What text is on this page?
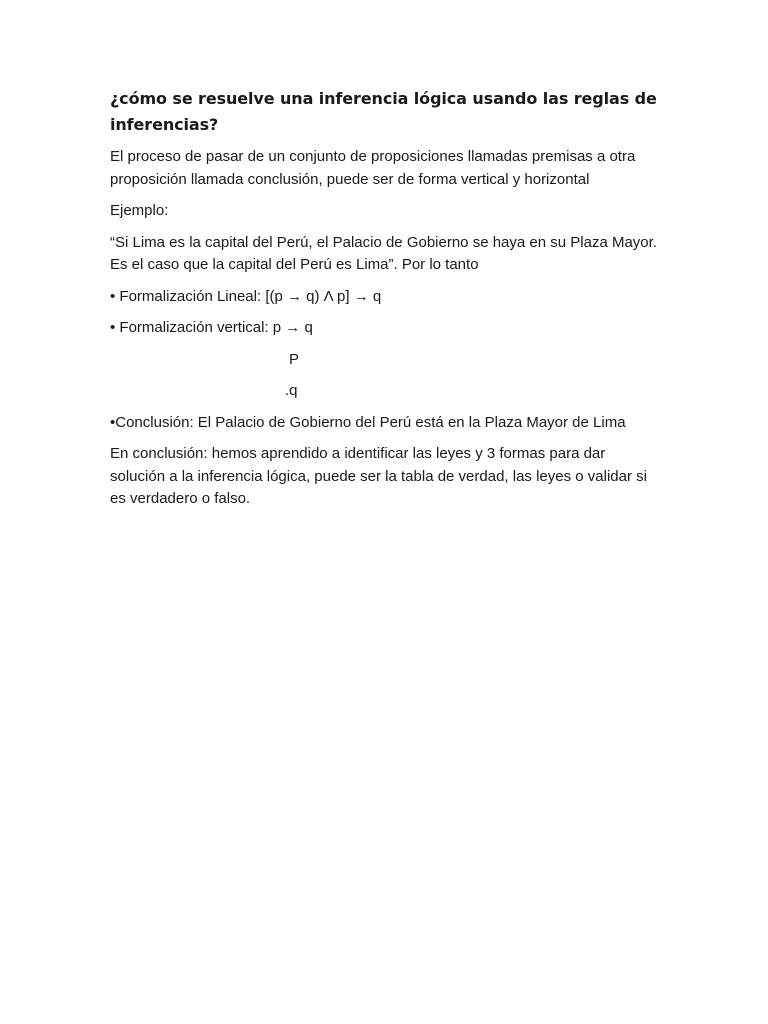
¿cómo se resuelve una inferencia lógica usando las reglas de inferencias?

El proceso de pasar de un conjunto de proposiciones llamadas premisas a otra proposición llamada conclusión, puede ser de forma vertical y horizontal

Ejemplo:

“Si Lima es la capital del Perú, el Palacio de Gobierno se haya en su Plaza Mayor. Es el caso que la capital del Perú es Lima”. Por lo tanto

• Formalización Lineal: [(p → q) Λ p] → q

• Formalización vertical: p → q

P

.q

•Conclusión: El Palacio de Gobierno del Perú está en la Plaza Mayor de Lima

En conclusión: hemos aprendido a identificar las leyes y 3 formas para dar solución a la inferencia lógica, puede ser la tabla de verdad, las leyes o validar si es verdadero o falso.
